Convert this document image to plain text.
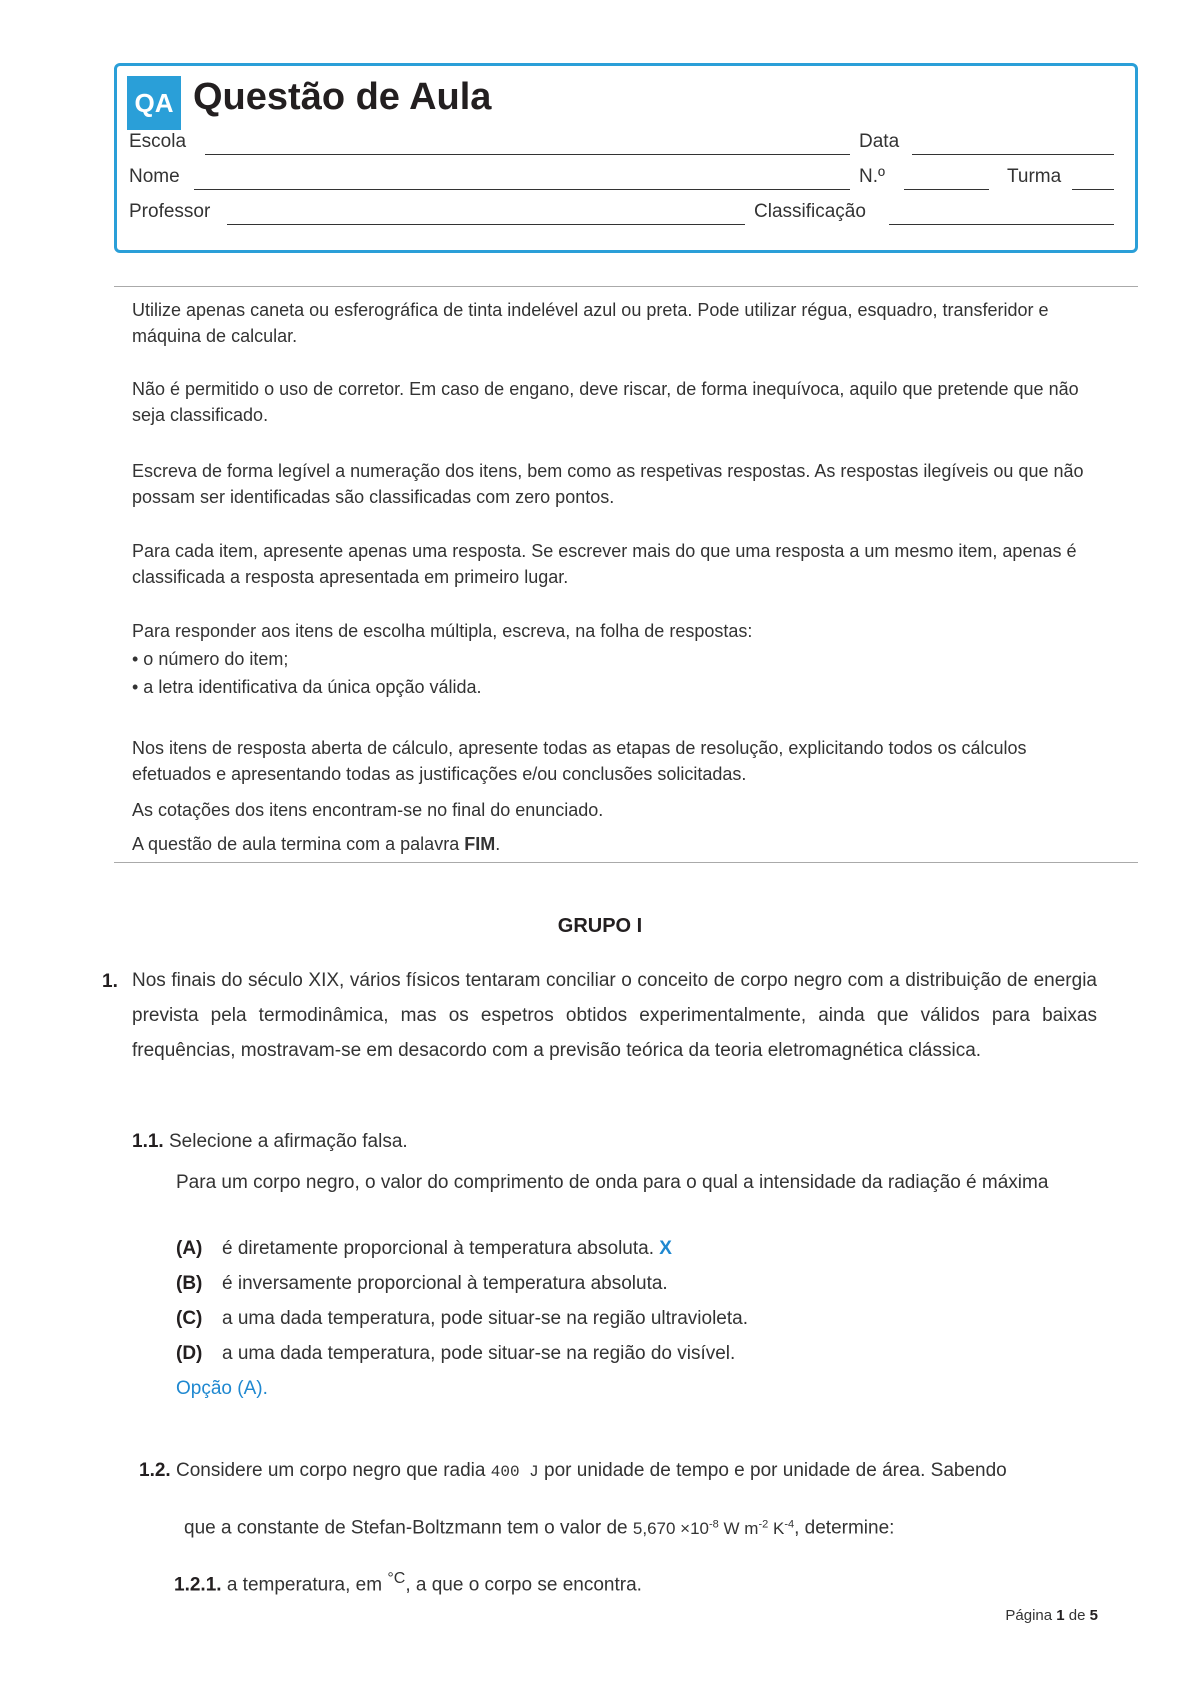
QA Questão de Aula
Escola	Data
Nome	N.º	Turma
Professor	Classificação

Utilize apenas caneta ou esferográfica de tinta indelével azul ou preta. Pode utilizar régua, esquadro, transferidor e máquina de calcular.

Não é permitido o uso de corretor. Em caso de engano, deve riscar, de forma inequívoca, aquilo que pretende que não seja classificado.

Escreva de forma legível a numeração dos itens, bem como as respetivas respostas. As respostas ilegíveis ou que não possam ser identificadas são classificadas com zero pontos.

Para cada item, apresente apenas uma resposta. Se escrever mais do que uma resposta a um mesmo item, apenas é classificada a resposta apresentada em primeiro lugar.

Para responder aos itens de escolha múltipla, escreva, na folha de respostas:

• o número do item;

• a letra identificativa da única opção válida.

Nos itens de resposta aberta de cálculo, apresente todas as etapas de resolução, explicitando todos os cálculos efetuados e apresentando todas as justificações e/ou conclusões solicitadas.

As cotações dos itens encontram-se no final do enunciado.

A questão de aula termina com a palavra FIM.

GRUPO I
1. Nos finais do século XIX, vários físicos tentaram conciliar o conceito de corpo negro com a distribuição de energia prevista pela termodinâmica, mas os espetros obtidos experimentalmente, ainda que válidos para baixas frequências, mostravam-se em desacordo com a previsão teórica da teoria eletromagnética clássica.
1.1. Selecione a afirmação falsa.
Para um corpo negro, o valor do comprimento de onda para o qual a intensidade da radiação é máxima
(A) é diretamente proporcional à temperatura absoluta. X
(B) é inversamente proporcional à temperatura absoluta.
(C) a uma dada temperatura, pode situar-se na região ultravioleta.
(D) a uma dada temperatura, pode situar-se na região do visível.
Opção (A).
1.2. Considere um corpo negro que radia 400 J por unidade de tempo e por unidade de área. Sabendo
que a constante de Stefan-Boltzmann tem o valor de $5,670 \times 10^{-8}$ W $m^{-2}$ $K^{-4}$, determine:
1.2.1. a temperatura, em $^{^\circ C}$, a que o corpo se encontra.
Página 1 de 5
